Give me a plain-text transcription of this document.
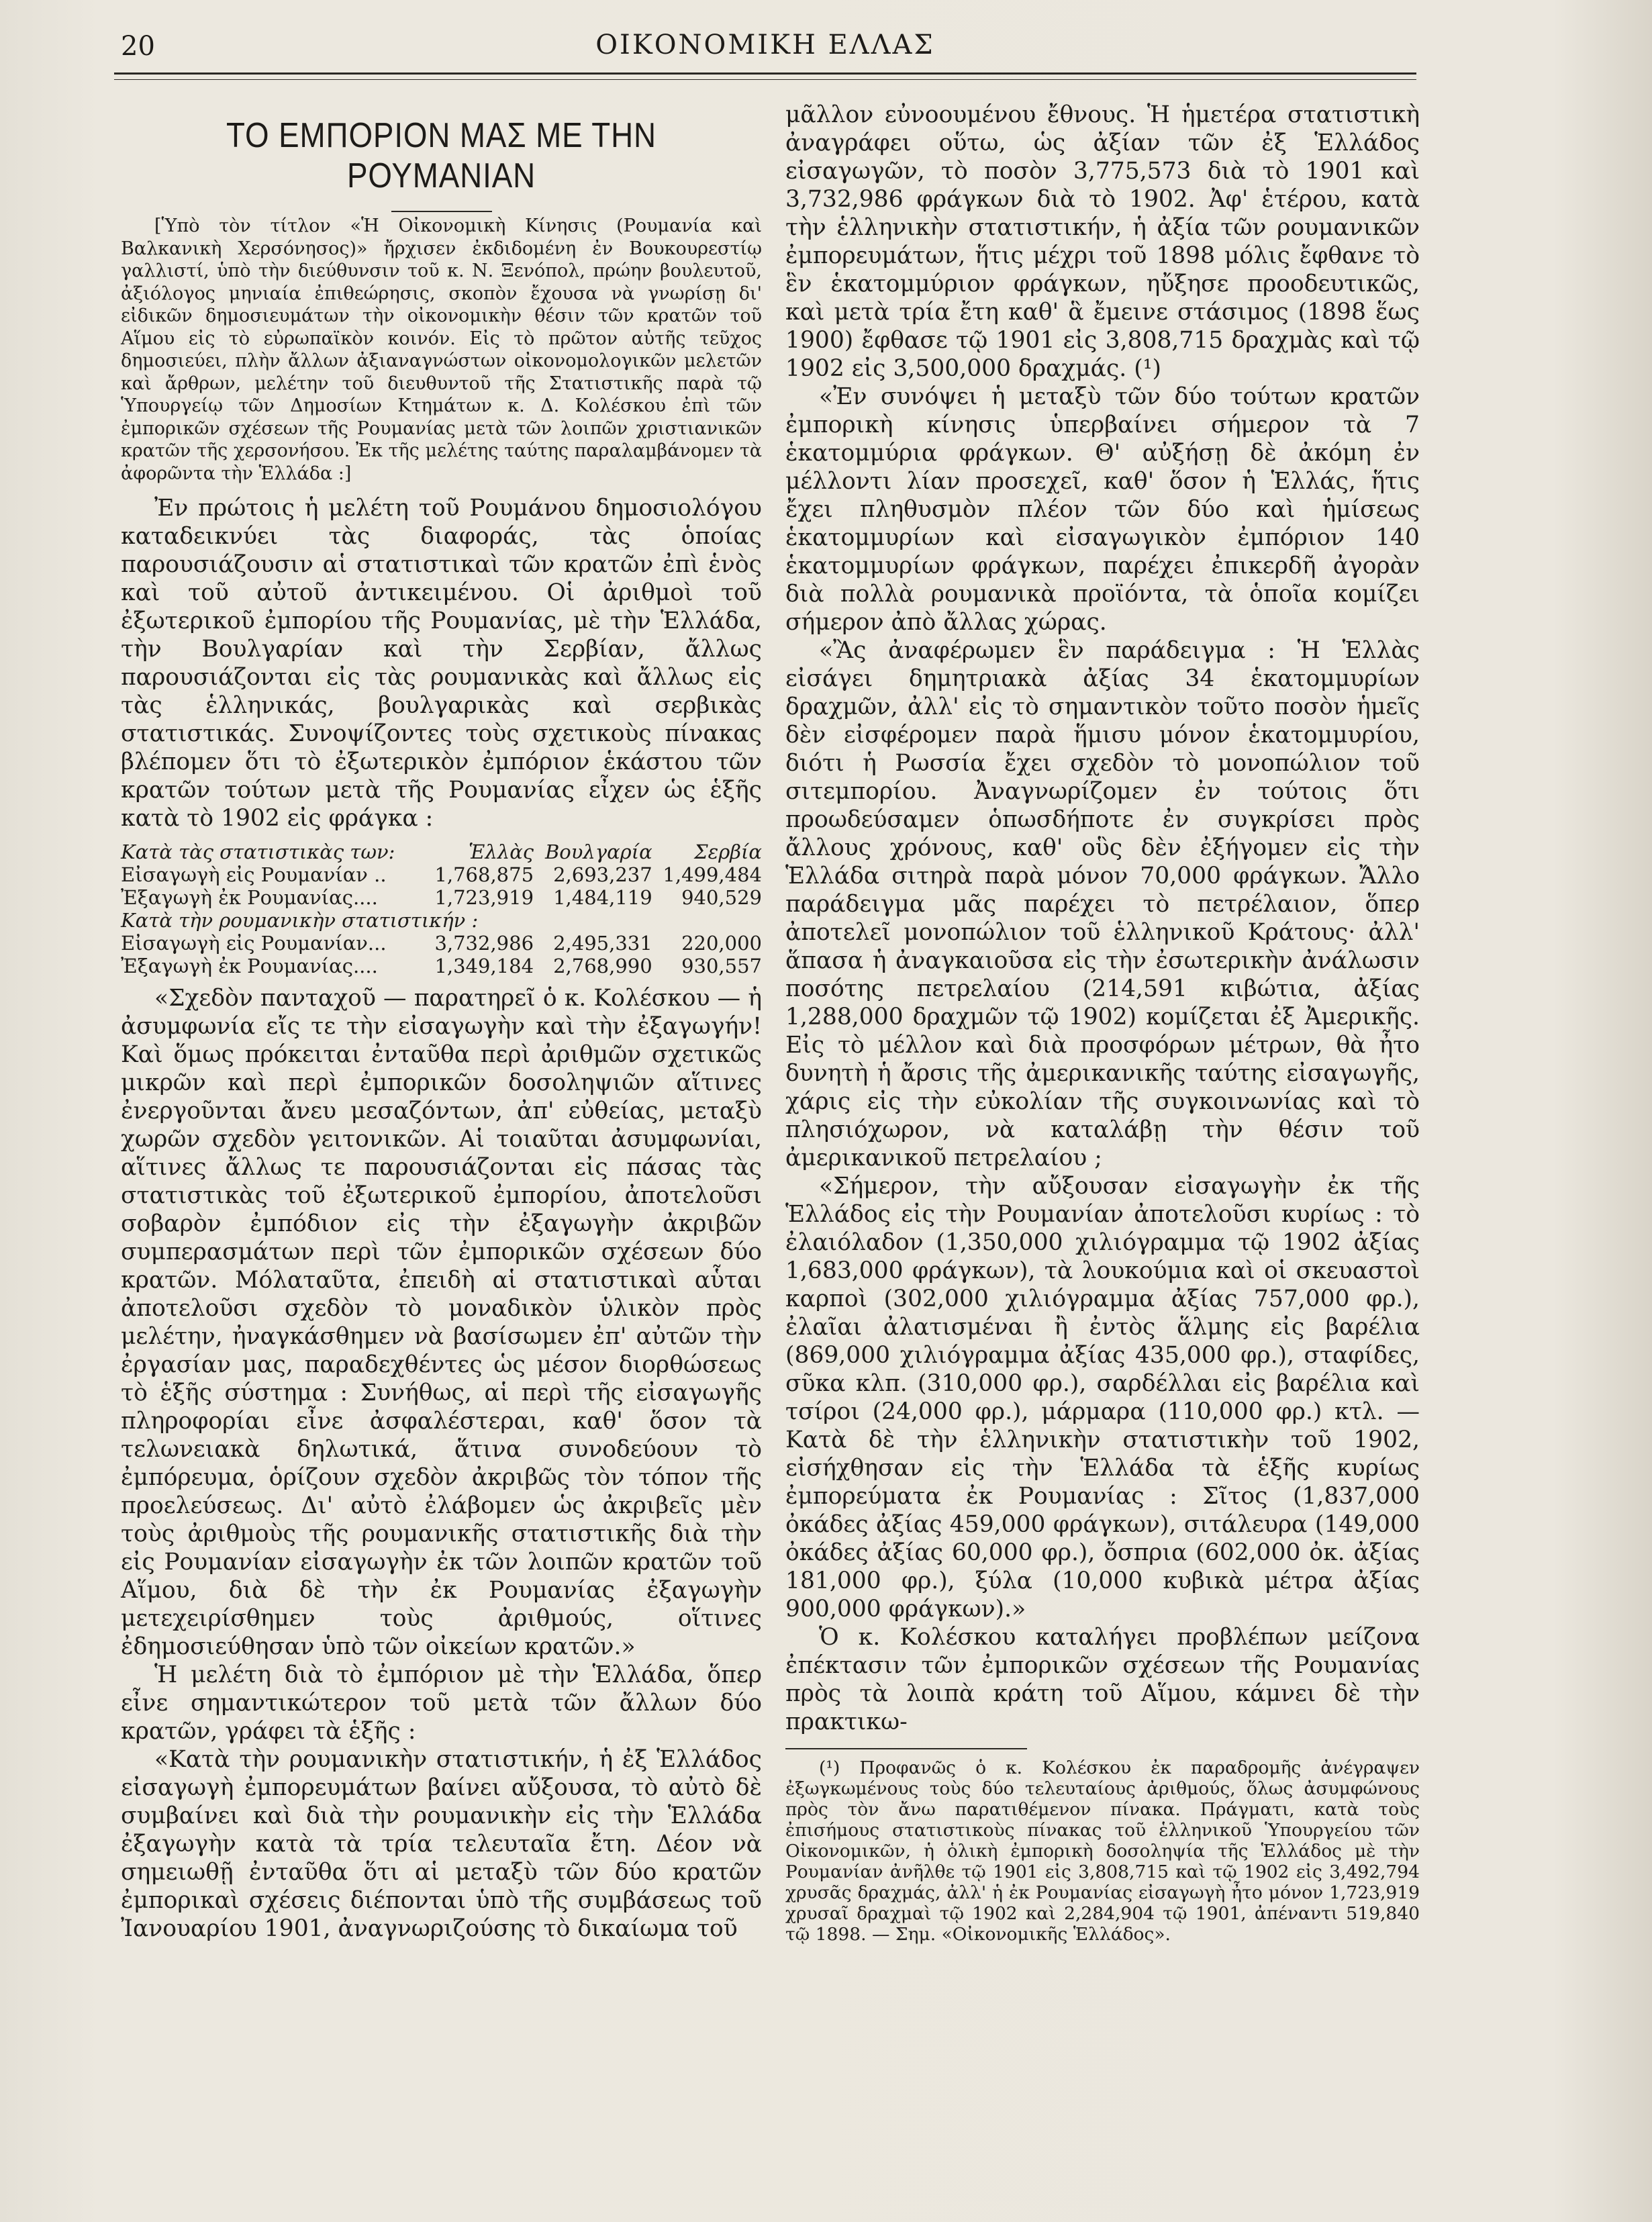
20	ΟΙΚΟΝΟΜΙΚΗ ΕΛΛΑΣ
ΤΟ ΕΜΠΟΡΙΟΝ ΜΑΣ ΜΕ ΤΗΝ ΡΟΥΜΑΝΙΑΝ

[Ὑπὸ τὸν τίτλον «Ἡ Οἰκονομικὴ Κίνησις (Ρουμανία καὶ Βαλκανικὴ Χερσόνησος)» ἤρχισεν ἐκδιδομένη ἐν Βουκουρεστίῳ γαλλιστί, ὑπὸ τὴν διεύθυνσιν τοῦ κ. Ν. Ξενόπολ, πρώην βουλευτοῦ, ἀξιόλογος μηνιαία ἐπιθεώρησις, σκοπὸν ἔχουσα νὰ γνωρίσῃ δι' εἰδικῶν δημοσιευμάτων τὴν οἰκονομικὴν θέσιν τῶν κρατῶν τοῦ Αἵμου εἰς τὸ εὐρωπαϊκὸν κοινόν. Εἰς τὸ πρῶτον αὐτῆς τεῦχος δημοσιεύει, πλὴν ἄλλων ἀξιαναγνώστων οἰκονομολογικῶν μελετῶν καὶ ἄρθρων, μελέτην τοῦ διευθυντοῦ τῆς Στατιστικῆς παρὰ τῷ Ὑπουργείῳ τῶν Δημοσίων Κτημάτων κ. Δ. Κολέσκου ἐπὶ τῶν ἐμπορικῶν σχέσεων τῆς Ρουμανίας μετὰ τῶν λοιπῶν χριστιανικῶν κρατῶν τῆς χερσονήσου. Ἐκ τῆς μελέτης ταύτης παραλαμβάνομεν τὰ ἀφορῶντα τὴν Ἑλλάδα :]

Ἐν πρώτοις ἡ μελέτη τοῦ Ρουμάνου δημοσιολόγου καταδεικνύει τὰς διαφοράς, τὰς ὁποίας παρουσιάζουσιν αἱ στατιστικαὶ τῶν κρατῶν ἐπὶ ἑνὸς καὶ τοῦ αὐτοῦ ἀντικειμένου. Οἱ ἀριθμοὶ τοῦ ἐξωτερικοῦ ἐμπορίου τῆς Ρουμανίας, μὲ τὴν Ἑλλάδα, τὴν Βουλγαρίαν καὶ τὴν Σερβίαν, ἄλλως παρουσιάζονται εἰς τὰς ρουμανικὰς καὶ ἄλλως εἰς τὰς ἑλληνικάς, βουλγαρικὰς καὶ σερβικὰς στατιστικάς. Συνοψίζοντες τοὺς σχετικοὺς πίνακας βλέπομεν ὅτι τὸ ἐξωτερικὸν ἐμπόριον ἑκάστου τῶν κρατῶν τούτων μετὰ τῆς Ρουμανίας εἶχεν ὡς ἑξῆς κατὰ τὸ 1902 εἰς φράγκα :

Κατὰ τὰς στατιστικὰς των:	Ἑλλὰς	Βουλγαρία	Σερβία
Εἰσαγωγὴ εἰς Ρουμανίαν ..	1,768,875	2,693,237	1,499,484
Ἐξαγωγὴ ἐκ Ρουμανίας....	1,723,919	1,484,119	940,529
Κατὰ τὴν ρουμανικὴν στατιστικήν :			
Εἰσαγωγὴ εἰς Ρουμανίαν...	3,732,986	2,495,331	220,000
Ἐξαγωγὴ ἐκ Ρουμανίας....	1,349,184	2,768,990	930,557

«Σχεδὸν πανταχοῦ — παρατηρεῖ ὁ κ. Κολέσκου — ἡ ἀσυμφωνία εἴς τε τὴν εἰσαγωγὴν καὶ τὴν ἐξαγωγήν! Καὶ ὅμως πρόκειται ἐνταῦθα περὶ ἀριθμῶν σχετικῶς μικρῶν καὶ περὶ ἐμπορικῶν δοσοληψιῶν αἵτινες ἐνεργοῦνται ἄνευ μεσαζόντων, ἀπ' εὐθείας, μεταξὺ χωρῶν σχεδὸν γειτονικῶν. Αἱ τοιαῦται ἀσυμφωνίαι, αἵτινες ἄλλως τε παρουσιάζονται εἰς πάσας τὰς στατιστικὰς τοῦ ἐξωτερικοῦ ἐμπορίου, ἀποτελοῦσι σοβαρὸν ἐμπόδιον εἰς τὴν ἐξαγωγὴν ἀκριβῶν συμπερασμάτων περὶ τῶν ἐμπορικῶν σχέσεων δύο κρατῶν. Μόλαταῦτα, ἐπειδὴ αἱ στατιστικαὶ αὗται ἀποτελοῦσι σχεδὸν τὸ μοναδικὸν ὑλικὸν πρὸς μελέτην, ἠναγκάσθημεν νὰ βασίσωμεν ἐπ' αὐτῶν τὴν ἐργασίαν μας, παραδεχθέντες ὡς μέσον διορθώσεως τὸ ἑξῆς σύστημα : Συνήθως, αἱ περὶ τῆς εἰσαγωγῆς πληροφορίαι εἶνε ἀσφαλέστεραι, καθ' ὅσον τὰ τελωνειακὰ δηλωτικά, ἅτινα συνοδεύουν τὸ ἐμπόρευμα, ὁρίζουν σχεδὸν ἀκριβῶς τὸν τόπον τῆς προελεύσεως. Δι' αὐτὸ ἐλάβομεν ὡς ἀκριβεῖς μὲν τοὺς ἀριθμοὺς τῆς ρουμανικῆς στατιστικῆς διὰ τὴν εἰς Ρουμανίαν εἰσαγωγὴν ἐκ τῶν λοιπῶν κρατῶν τοῦ Αἵμου, διὰ δὲ τὴν ἐκ Ρουμανίας ἐξαγωγὴν μετεχειρίσθημεν τοὺς ἀριθμούς, οἵτινες ἐδημοσιεύθησαν ὑπὸ τῶν οἰκείων κρατῶν.»

Ἡ μελέτη διὰ τὸ ἐμπόριον μὲ τὴν Ἑλλάδα, ὅπερ εἶνε σημαντικώτερον τοῦ μετὰ τῶν ἄλλων δύο κρατῶν, γράφει τὰ ἑξῆς :

«Κατὰ τὴν ρουμανικὴν στατιστικήν, ἡ ἐξ Ἑλλάδος εἰσαγωγὴ ἐμπορευμάτων βαίνει αὔξουσα, τὸ αὐτὸ δὲ συμβαίνει καὶ διὰ τὴν ρουμανικὴν εἰς τὴν Ἑλλάδα ἐξαγωγὴν κατὰ τὰ τρία τελευταῖα ἔτη. Δέον νὰ σημειωθῇ ἐνταῦθα ὅτι αἱ μεταξὺ τῶν δύο κρατῶν ἐμπορικαὶ σχέσεις διέπονται ὑπὸ τῆς συμβάσεως τοῦ Ἰανουαρίου 1901, ἀναγνωριζούσης τὸ δικαίωμα τοῦ

μᾶλλον εὐνοουμένου ἔθνους. Ἡ ἡμετέρα στατιστικὴ ἀναγράφει οὕτω, ὡς ἀξίαν τῶν ἐξ Ἑλλάδος εἰσαγωγῶν, τὸ ποσὸν 3,775,573 διὰ τὸ 1901 καὶ 3,732,986 φράγκων διὰ τὸ 1902. Ἀφ' ἑτέρου, κατὰ τὴν ἑλληνικὴν στατιστικήν, ἡ ἀξία τῶν ρουμανικῶν ἐμπορευμάτων, ἥτις μέχρι τοῦ 1898 μόλις ἔφθανε τὸ ἓν ἑκατομμύριον φράγκων, ηὔξησε προοδευτικῶς, καὶ μετὰ τρία ἔτη καθ' ἃ ἔμεινε στάσιμος (1898 ἕως 1900) ἔφθασε τῷ 1901 εἰς 3,808,715 δραχμὰς καὶ τῷ 1902 εἰς 3,500,000 δραχμάς. (¹)

«Ἐν συνόψει ἡ μεταξὺ τῶν δύο τούτων κρατῶν ἐμπορικὴ κίνησις ὑπερβαίνει σήμερον τὰ 7 ἑκατομμύρια φράγκων. Θ' αὐξήσῃ δὲ ἀκόμη ἐν μέλλοντι λίαν προσεχεῖ, καθ' ὅσον ἡ Ἑλλάς, ἥτις ἔχει πληθυσμὸν πλέον τῶν δύο καὶ ἡμίσεως ἑκατομμυρίων καὶ εἰσαγωγικὸν ἐμπόριον 140 ἑκατομμυρίων φράγκων, παρέχει ἐπικερδῆ ἀγορὰν διὰ πολλὰ ρουμανικὰ προϊόντα, τὰ ὁποῖα κομίζει σήμερον ἀπὸ ἄλλας χώρας.

«Ἂς ἀναφέρωμεν ἓν παράδειγμα : Ἡ Ἑλλὰς εἰσάγει δημητριακὰ ἀξίας 34 ἑκατομμυρίων δραχμῶν, ἀλλ' εἰς τὸ σημαντικὸν τοῦτο ποσὸν ἡμεῖς δὲν εἰσφέρομεν παρὰ ἥμισυ μόνον ἑκατομμυρίου, διότι ἡ Ρωσσία ἔχει σχεδὸν τὸ μονοπώλιον τοῦ σιτεμπορίου. Ἀναγνωρίζομεν ἐν τούτοις ὅτι προωδεύσαμεν ὁπωσδήποτε ἐν συγκρίσει πρὸς ἄλλους χρόνους, καθ' οὓς δὲν ἐξήγομεν εἰς τὴν Ἑλλάδα σιτηρὰ παρὰ μόνον 70,000 φράγκων. Ἄλλο παράδειγμα μᾶς παρέχει τὸ πετρέλαιον, ὅπερ ἀποτελεῖ μονοπώλιον τοῦ ἑλληνικοῦ Κράτους· ἀλλ' ἅπασα ἡ ἀναγκαιοῦσα εἰς τὴν ἐσωτερικὴν ἀνάλωσιν ποσότης πετρελαίου (214,591 κιβώτια, ἀξίας 1,288,000 δραχμῶν τῷ 1902) κομίζεται ἐξ Ἀμερικῆς. Εἰς τὸ μέλλον καὶ διὰ προσφόρων μέτρων, θὰ ἦτο δυνητὴ ἡ ἄρσις τῆς ἀμερικανικῆς ταύτης εἰσαγωγῆς, χάρις εἰς τὴν εὐκολίαν τῆς συγκοινωνίας καὶ τὸ πλησιόχωρον, νὰ καταλάβῃ τὴν θέσιν τοῦ ἀμερικανικοῦ πετρελαίου ;

«Σήμερον, τὴν αὔξουσαν εἰσαγωγὴν ἐκ τῆς Ἑλλάδος εἰς τὴν Ρουμανίαν ἀποτελοῦσι κυρίως : τὸ ἐλαιόλαδον (1,350,000 χιλιόγραμμα τῷ 1902 ἀξίας 1,683,000 φράγκων), τὰ λουκούμια καὶ οἱ σκευαστοὶ καρποὶ (302,000 χιλιόγραμμα ἀξίας 757,000 φρ.), ἐλαῖαι ἀλατισμέναι ἢ ἐντὸς ἅλμης εἰς βαρέλια (869,000 χιλιόγραμμα ἀξίας 435,000 φρ.), σταφίδες, σῦκα κλπ. (310,000 φρ.), σαρδέλλαι εἰς βαρέλια καὶ τσίροι (24,000 φρ.), μάρμαρα (110,000 φρ.) κτλ. — Κατὰ δὲ τὴν ἑλληνικὴν στατιστικὴν τοῦ 1902, εἰσήχθησαν εἰς τὴν Ἑλλάδα τὰ ἑξῆς κυρίως ἐμπορεύματα ἐκ Ρουμανίας : Σῖτος (1,837,000 ὀκάδες ἀξίας 459,000 φράγκων), σιτάλευρα (149,000 ὀκάδες ἀξίας 60,000 φρ.), ὄσπρια (602,000 ὀκ. ἀξίας 181,000 φρ.), ξύλα (10,000 κυβικὰ μέτρα ἀξίας 900,000 φράγκων).»

Ὁ κ. Κολέσκου καταλήγει προβλέπων μείζονα ἐπέκτασιν τῶν ἐμπορικῶν σχέσεων τῆς Ρουμανίας πρὸς τὰ λοιπὰ κράτη τοῦ Αἵμου, κάμνει δὲ τὴν πρακτικω-

(¹) Προφανῶς ὁ κ. Κολέσκου ἐκ παραδρομῆς ἀνέγραψεν ἐξωγκωμένους τοὺς δύο τελευταίους ἀριθμούς, ὅλως ἀσυμφώνους πρὸς τὸν ἄνω παρατιθέμενον πίνακα. Πράγματι, κατὰ τοὺς ἐπισήμους στατιστικοὺς πίνακας τοῦ ἑλληνικοῦ Ὑπουργείου τῶν Οἰκονομικῶν, ἡ ὁλικὴ ἐμπορικὴ δοσοληψία τῆς Ἑλλάδος μὲ τὴν Ρουμανίαν ἀνῆλθε τῷ 1901 εἰς 3,808,715 καὶ τῷ 1902 εἰς 3,492,794 χρυσᾶς δραχμάς, ἀλλ' ἡ ἐκ Ρουμανίας εἰσαγωγὴ ἦτο μόνον 1,723,919 χρυσαῖ δραχμαὶ τῷ 1902 καὶ 2,284,904 τῷ 1901, ἀπέναντι 519,840 τῷ 1898. — Σημ. «Οἰκονομικῆς Ἑλλάδος».
